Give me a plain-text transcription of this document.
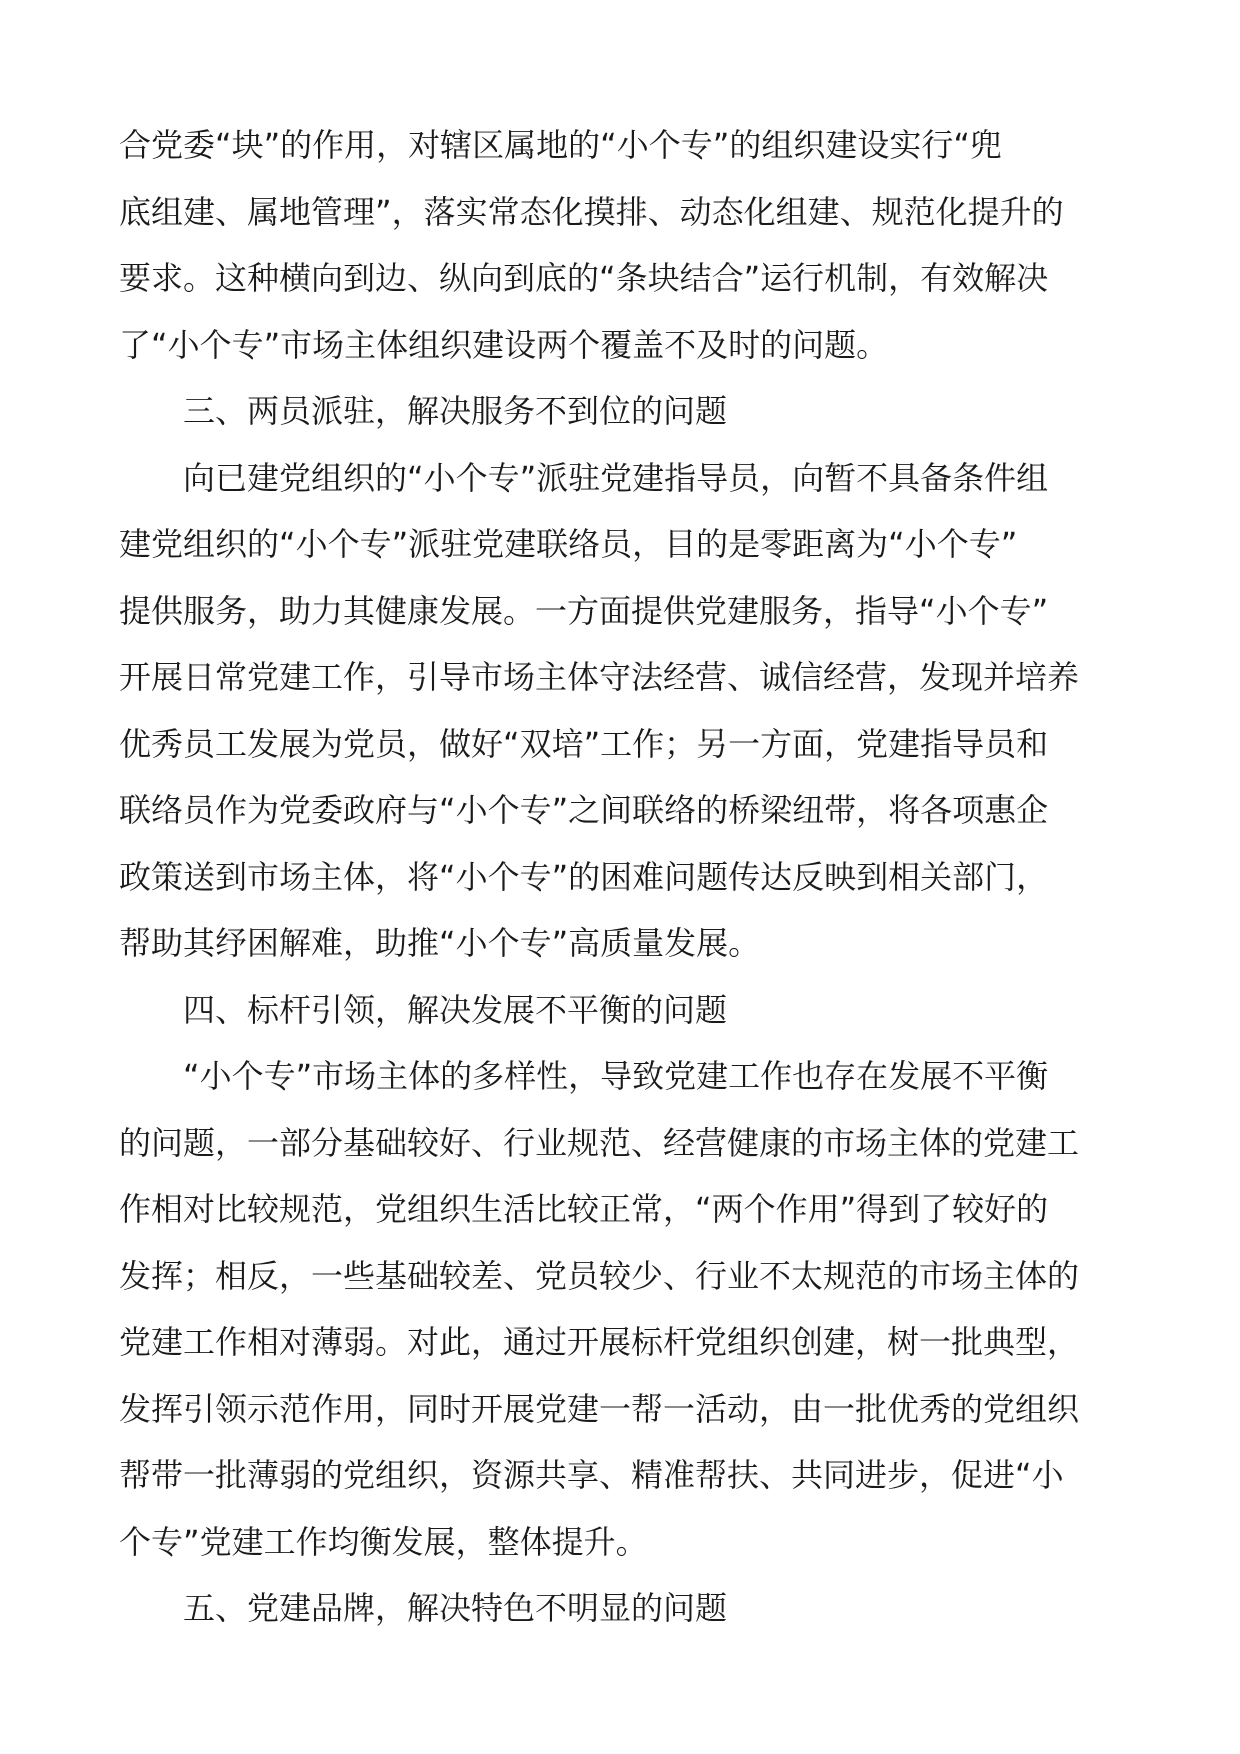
合党委“块”的作用，对辖区属地的“小个专”的组织建设实行“兜
底组建、属地管理”，落实常态化摸排、动态化组建、规范化提升的
要求。这种横向到边、纵向到底的“条块结合”运行机制，有效解决
了“小个专”市场主体组织建设两个覆盖不及时的问题。
三、两员派驻，解决服务不到位的问题
向已建党组织的“小个专”派驻党建指导员，向暂不具备条件组
建党组织的“小个专”派驻党建联络员，目的是零距离为“小个专”
提供服务，助力其健康发展。一方面提供党建服务，指导“小个专”
开展日常党建工作，引导市场主体守法经营、诚信经营，发现并培养
优秀员工发展为党员，做好“双培”工作；另一方面，党建指导员和
联络员作为党委政府与“小个专”之间联络的桥梁纽带，将各项惠企
政策送到市场主体，将“小个专”的困难问题传达反映到相关部门，
帮助其纾困解难，助推“小个专”高质量发展。
四、标杆引领，解决发展不平衡的问题
“小个专”市场主体的多样性，导致党建工作也存在发展不平衡
的问题，一部分基础较好、行业规范、经营健康的市场主体的党建工
作相对比较规范，党组织生活比较正常，“两个作用”得到了较好的
发挥；相反，一些基础较差、党员较少、行业不太规范的市场主体的
党建工作相对薄弱。对此，通过开展标杆党组织创建，树一批典型，
发挥引领示范作用，同时开展党建一帮一活动，由一批优秀的党组织
帮带一批薄弱的党组织，资源共享、精准帮扶、共同进步，促进“小
个专”党建工作均衡发展，整体提升。
五、党建品牌，解决特色不明显的问题
